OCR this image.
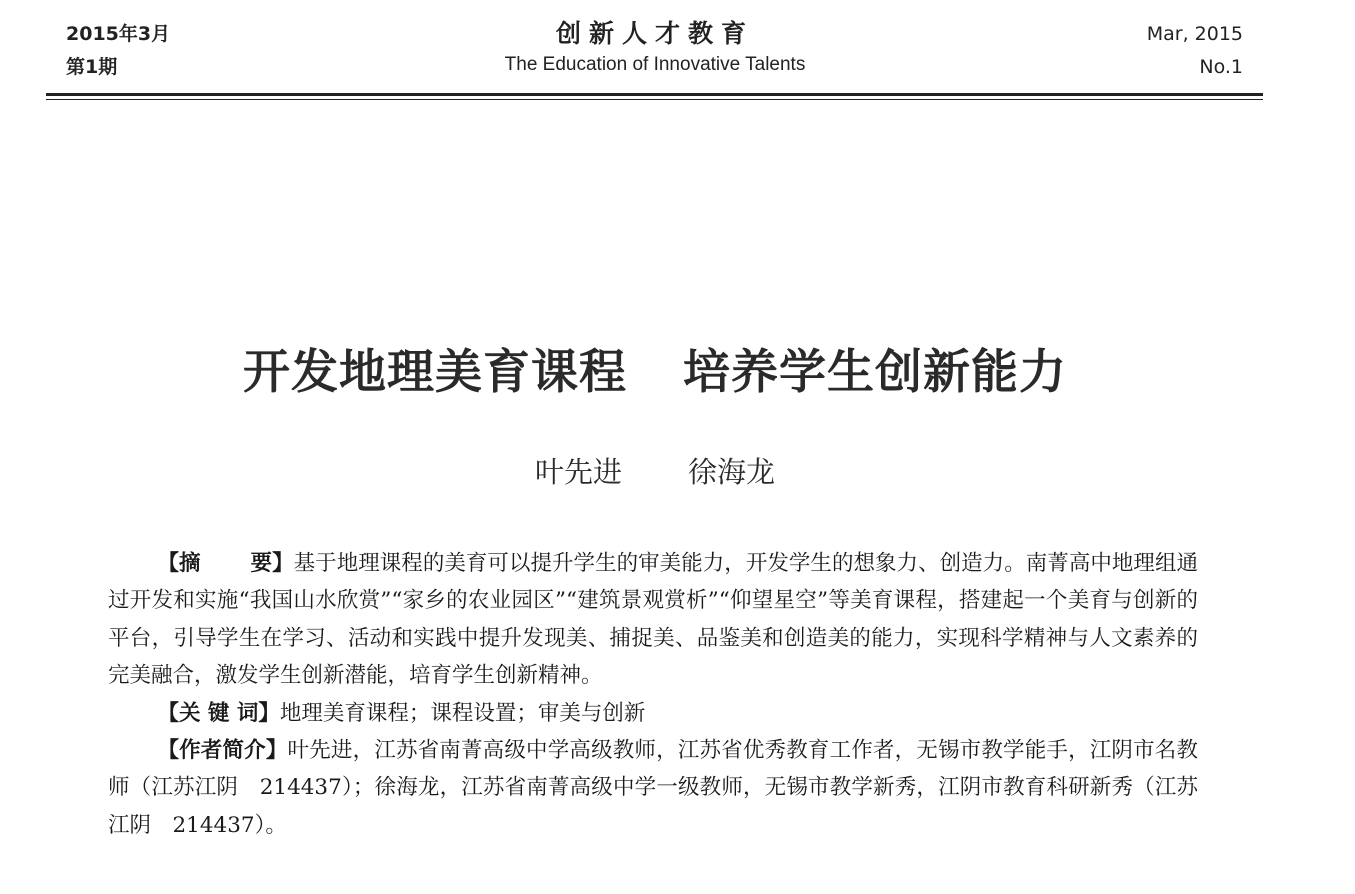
2015年3月
第1期
创新人才教育
The Education of Innovative Talents
Mar, 2015
No.1
开发地理美育课程 培养学生创新能力
叶先进 徐海龙

【摘 要】基于地理课程的美育可以提升学生的审美能力，开发学生的想象力、创造力。南菁高中地理组通过开发和实施“我国山水欣赏”“家乡的农业园区”“建筑景观赏析”“仰望星空”等美育课程，搭建起一个美育与创新的平台，引导学生在学习、活动和实践中提升发现美、捕捉美、品鉴美和创造美的能力，实现科学精神与人文素养的完美融合，激发学生创新潜能，培育学生创新精神。

【关 键 词】地理美育课程；课程设置；审美与创新

【作者简介】叶先进，江苏省南菁高级中学高级教师，江苏省优秀教育工作者，无锡市教学能手，江阴市名教师（江苏江阴　214437）；徐海龙，江苏省南菁高级中学一级教师，无锡市教学新秀，江阴市教育科研新秀（江苏江阴　214437）。
